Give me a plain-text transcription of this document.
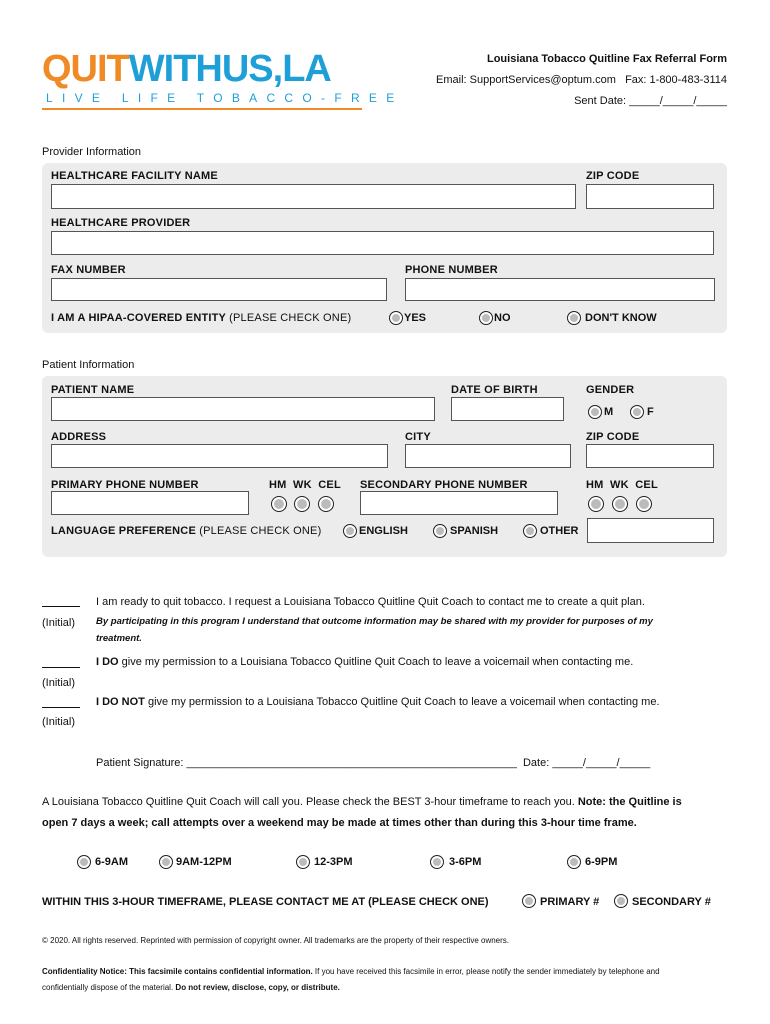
QUITWITHUS,LA
LIVE LIFE TOBACCO-FREE
Louisiana Tobacco Quitline Fax Referral Form
Email: SupportServices@optum.com   Fax: 1-800-483-3114
Sent Date: _____/_____/_____
Provider Information
HEALTHCARE FACILITY NAME	ZIP CODE
HEALTHCARE PROVIDER
FAX NUMBER	PHONE NUMBER
I AM A HIPAA-COVERED ENTITY (PLEASE CHECK ONE)	YES	NO	DON'T KNOW
Patient Information
PATIENT NAME	DATE OF BIRTH	GENDER
M	F
ADDRESS	CITY	ZIP CODE
PRIMARY PHONE NUMBER	HM  WK  CEL SECONDARY PHONE NUMBER	HM  WK  CEL
LANGUAGE PREFERENCE (PLEASE CHECK ONE)	ENGLISH	SPANISH	OTHER
I am ready to quit tobacco. I request a Louisiana Tobacco Quitline Quit Coach to contact me to create a quit plan.
(Initial) By participating in this program I understand that outcome information may be shared with my provider for purposes of my
treatment.
I DO give my permission to a Louisiana Tobacco Quitline Quit Coach to leave a voicemail when contacting me.
(Initial)
I DO NOT give my permission to a Louisiana Tobacco Quitline Quit Coach to leave a voicemail when contacting me.
(Initial)
Patient Signature: ______________________________________________________  Date: _____/_____/_____
A Louisiana Tobacco Quitline Quit Coach will call you. Please check the BEST 3-hour timeframe to reach you. Note: the Quitline is
open 7 days a week; call attempts over a weekend may be made at times other than during this 3-hour time frame.
6-9AM	9AM-12PM	12-3PM	3-6PM	6-9PM
WITHIN THIS 3-HOUR TIMEFRAME, PLEASE CONTACT ME AT (PLEASE CHECK ONE)	PRIMARY #	SECONDARY #
© 2020. All rights reserved. Reprinted with permission of copyright owner. All trademarks are the property of their respective owners.
Confidentiality Notice: This facsimile contains confidential information. If you have received this facsimile in error, please notify the sender immediately by telephone and
confidentially dispose of the material. Do not review, disclose, copy, or distribute.
